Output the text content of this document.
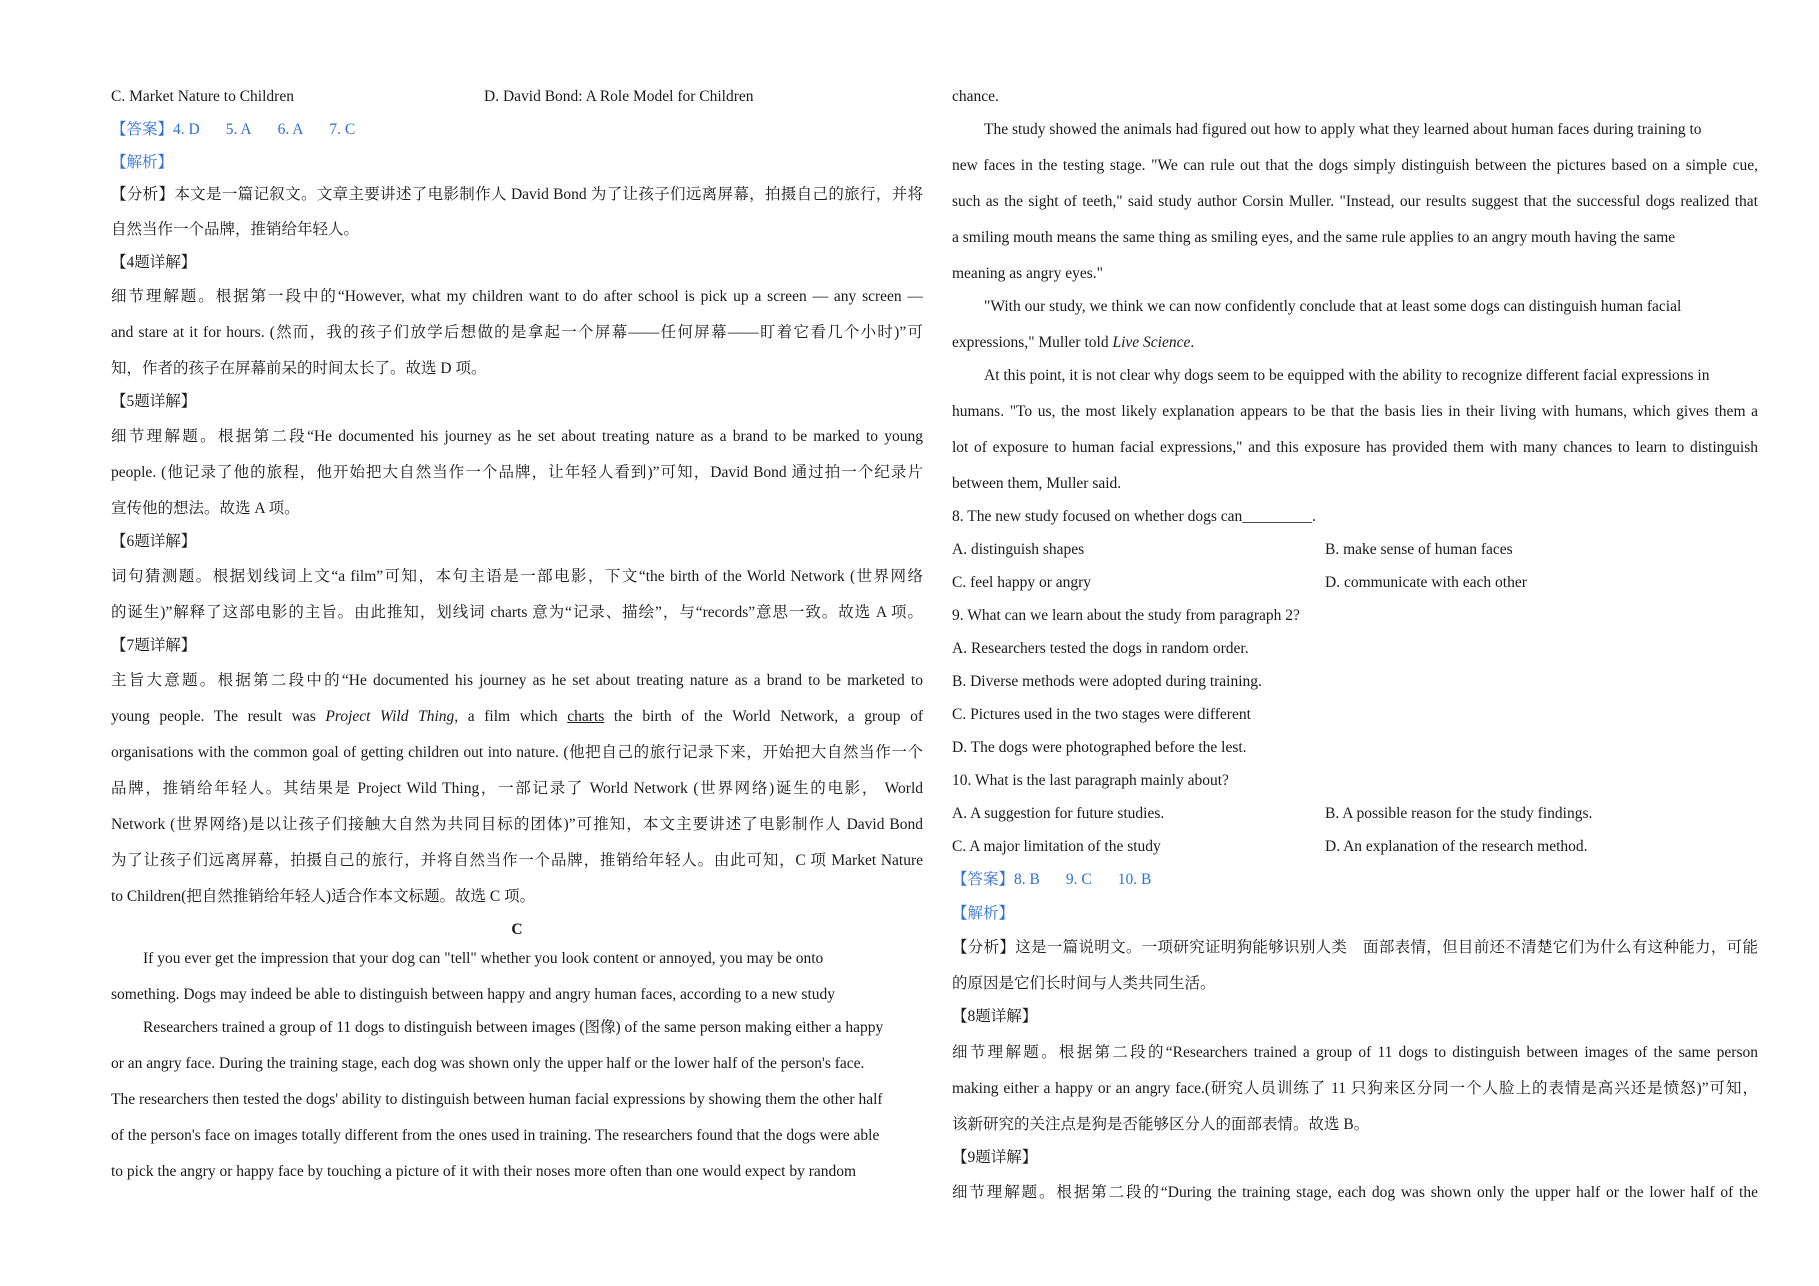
C. Market Nature to Children	D. David Bond: A Role Model for Children
【答案】4. D 5. A 6. A 7. C
【解析】
【分析】本文是一篇记叙文。文章主要讲述了电影制作人 David Bond 为了让孩子们远离屏幕，拍摄自己的旅行，并将
自然当作一个品牌，推销给年轻人。
【4题详解】
细节理解题。根据第一段中的“However, what my children want to do after school is pick up a screen — any screen —
and stare at it for hours. (然而，我的孩子们放学后想做的是拿起一个屏幕——任何屏幕——盯着它看几个小时)”可
知，作者的孩子在屏幕前呆的时间太长了。故选 D 项。
【5题详解】
细节理解题。根据第二段“He documented his journey as he set about treating nature as a brand to be marked to young
people. (他记录了他的旅程，他开始把大自然当作一个品牌，让年轻人看到)”可知，David Bond 通过拍一个纪录片
宣传他的想法。故选 A 项。
【6题详解】
词句猜测题。根据划线词上文“a film”可知，本句主语是一部电影，下文“the birth of the World Network (世界网络
的诞生)”解释了这部电影的主旨。由此推知，划线词 charts 意为“记录、描绘”，与“records”意思一致。故选 A 项。
【7题详解】
主旨大意题。根据第二段中的“He documented his journey as he set about treating nature as a brand to be marketed to
young people. The result was Project Wild Thing, a film which charts the birth of the World Network, a group of
organisations with the common goal of getting children out into nature. (他把自己的旅行记录下来，开始把大自然当作一个
品牌，推销给年轻人。其结果是 Project Wild Thing，一部记录了 World Network (世界网络)诞生的电影， World
Network (世界网络)是以让孩子们接触大自然为共同目标的团体)”可推知，本文主要讲述了电影制作人 David Bond
为了让孩子们远离屏幕，拍摄自己的旅行，并将自然当作一个品牌，推销给年轻人。由此可知，C 项 Market Nature
to Children(把自然推销给年轻人)适合作本文标题。故选 C 项。
C
If you ever get the impression that your dog can "tell" whether you look content or annoyed, you may be onto
something. Dogs may indeed be able to distinguish between happy and angry human faces, according to a new study
Researchers trained a group of 11 dogs to distinguish between images (图像) of the same person making either a happy
or an angry face. During the training stage, each dog was shown only the upper half or the lower half of the person's face.
The researchers then tested the dogs' ability to distinguish between human facial expressions by showing them the other half
of the person's face on images totally different from the ones used in training. The researchers found that the dogs were able
to pick the angry or happy face by touching a picture of it with their noses more often than one would expect by random
chance.
The study showed the animals had figured out how to apply what they learned about human faces during training to
new faces in the testing stage. "We can rule out that the dogs simply distinguish between the pictures based on a simple cue,
such as the sight of teeth," said study author Corsin Muller. "Instead, our results suggest that the successful dogs realized that
a smiling mouth means the same thing as smiling eyes, and the same rule applies to an angry mouth having the same
meaning as angry eyes."
"With our study, we think we can now confidently conclude that at least some dogs can distinguish human facial
expressions," Muller told Live Science.
At this point, it is not clear why dogs seem to be equipped with the ability to recognize different facial expressions in
humans. "To us, the most likely explanation appears to be that the basis lies in their living with humans, which gives them a
lot of exposure to human facial expressions," and this exposure has provided them with many chances to learn to distinguish
between them, Muller said.
8. The new study focused on whether dogs can_________.
A. distinguish shapes	B. make sense of human faces
C. feel happy or angry	D. communicate with each other
9. What can we learn about the study from paragraph 2?
A. Researchers tested the dogs in random order.
B. Diverse methods were adopted during training.
C. Pictures used in the two stages were different
D. The dogs were photographed before the lest.
10. What is the last paragraph mainly about?
A. A suggestion for future studies.	B. A possible reason for the study findings.
C. A major limitation of the study	D. An explanation of the research method.
【答案】8. B 9. C 10. B
【解析】
【分析】这是一篇说明文。一项研究证明狗能够识别人类　面部表情，但目前还不清楚它们为什么有这种能力，可能
的原因是它们长时间与人类共同生活。
【8题详解】
细节理解题。根据第二段的“Researchers trained a group of 11 dogs to distinguish between images of the same person
making either a happy or an angry face.(研究人员训练了 11 只狗来区分同一个人脸上的表情是高兴还是愤怒)”可知，
该新研究的关注点是狗是否能够区分人的面部表情。故选 B。
【9题详解】
细节理解题。根据第二段的“During the training stage, each dog was shown only the upper half or the lower half of the
